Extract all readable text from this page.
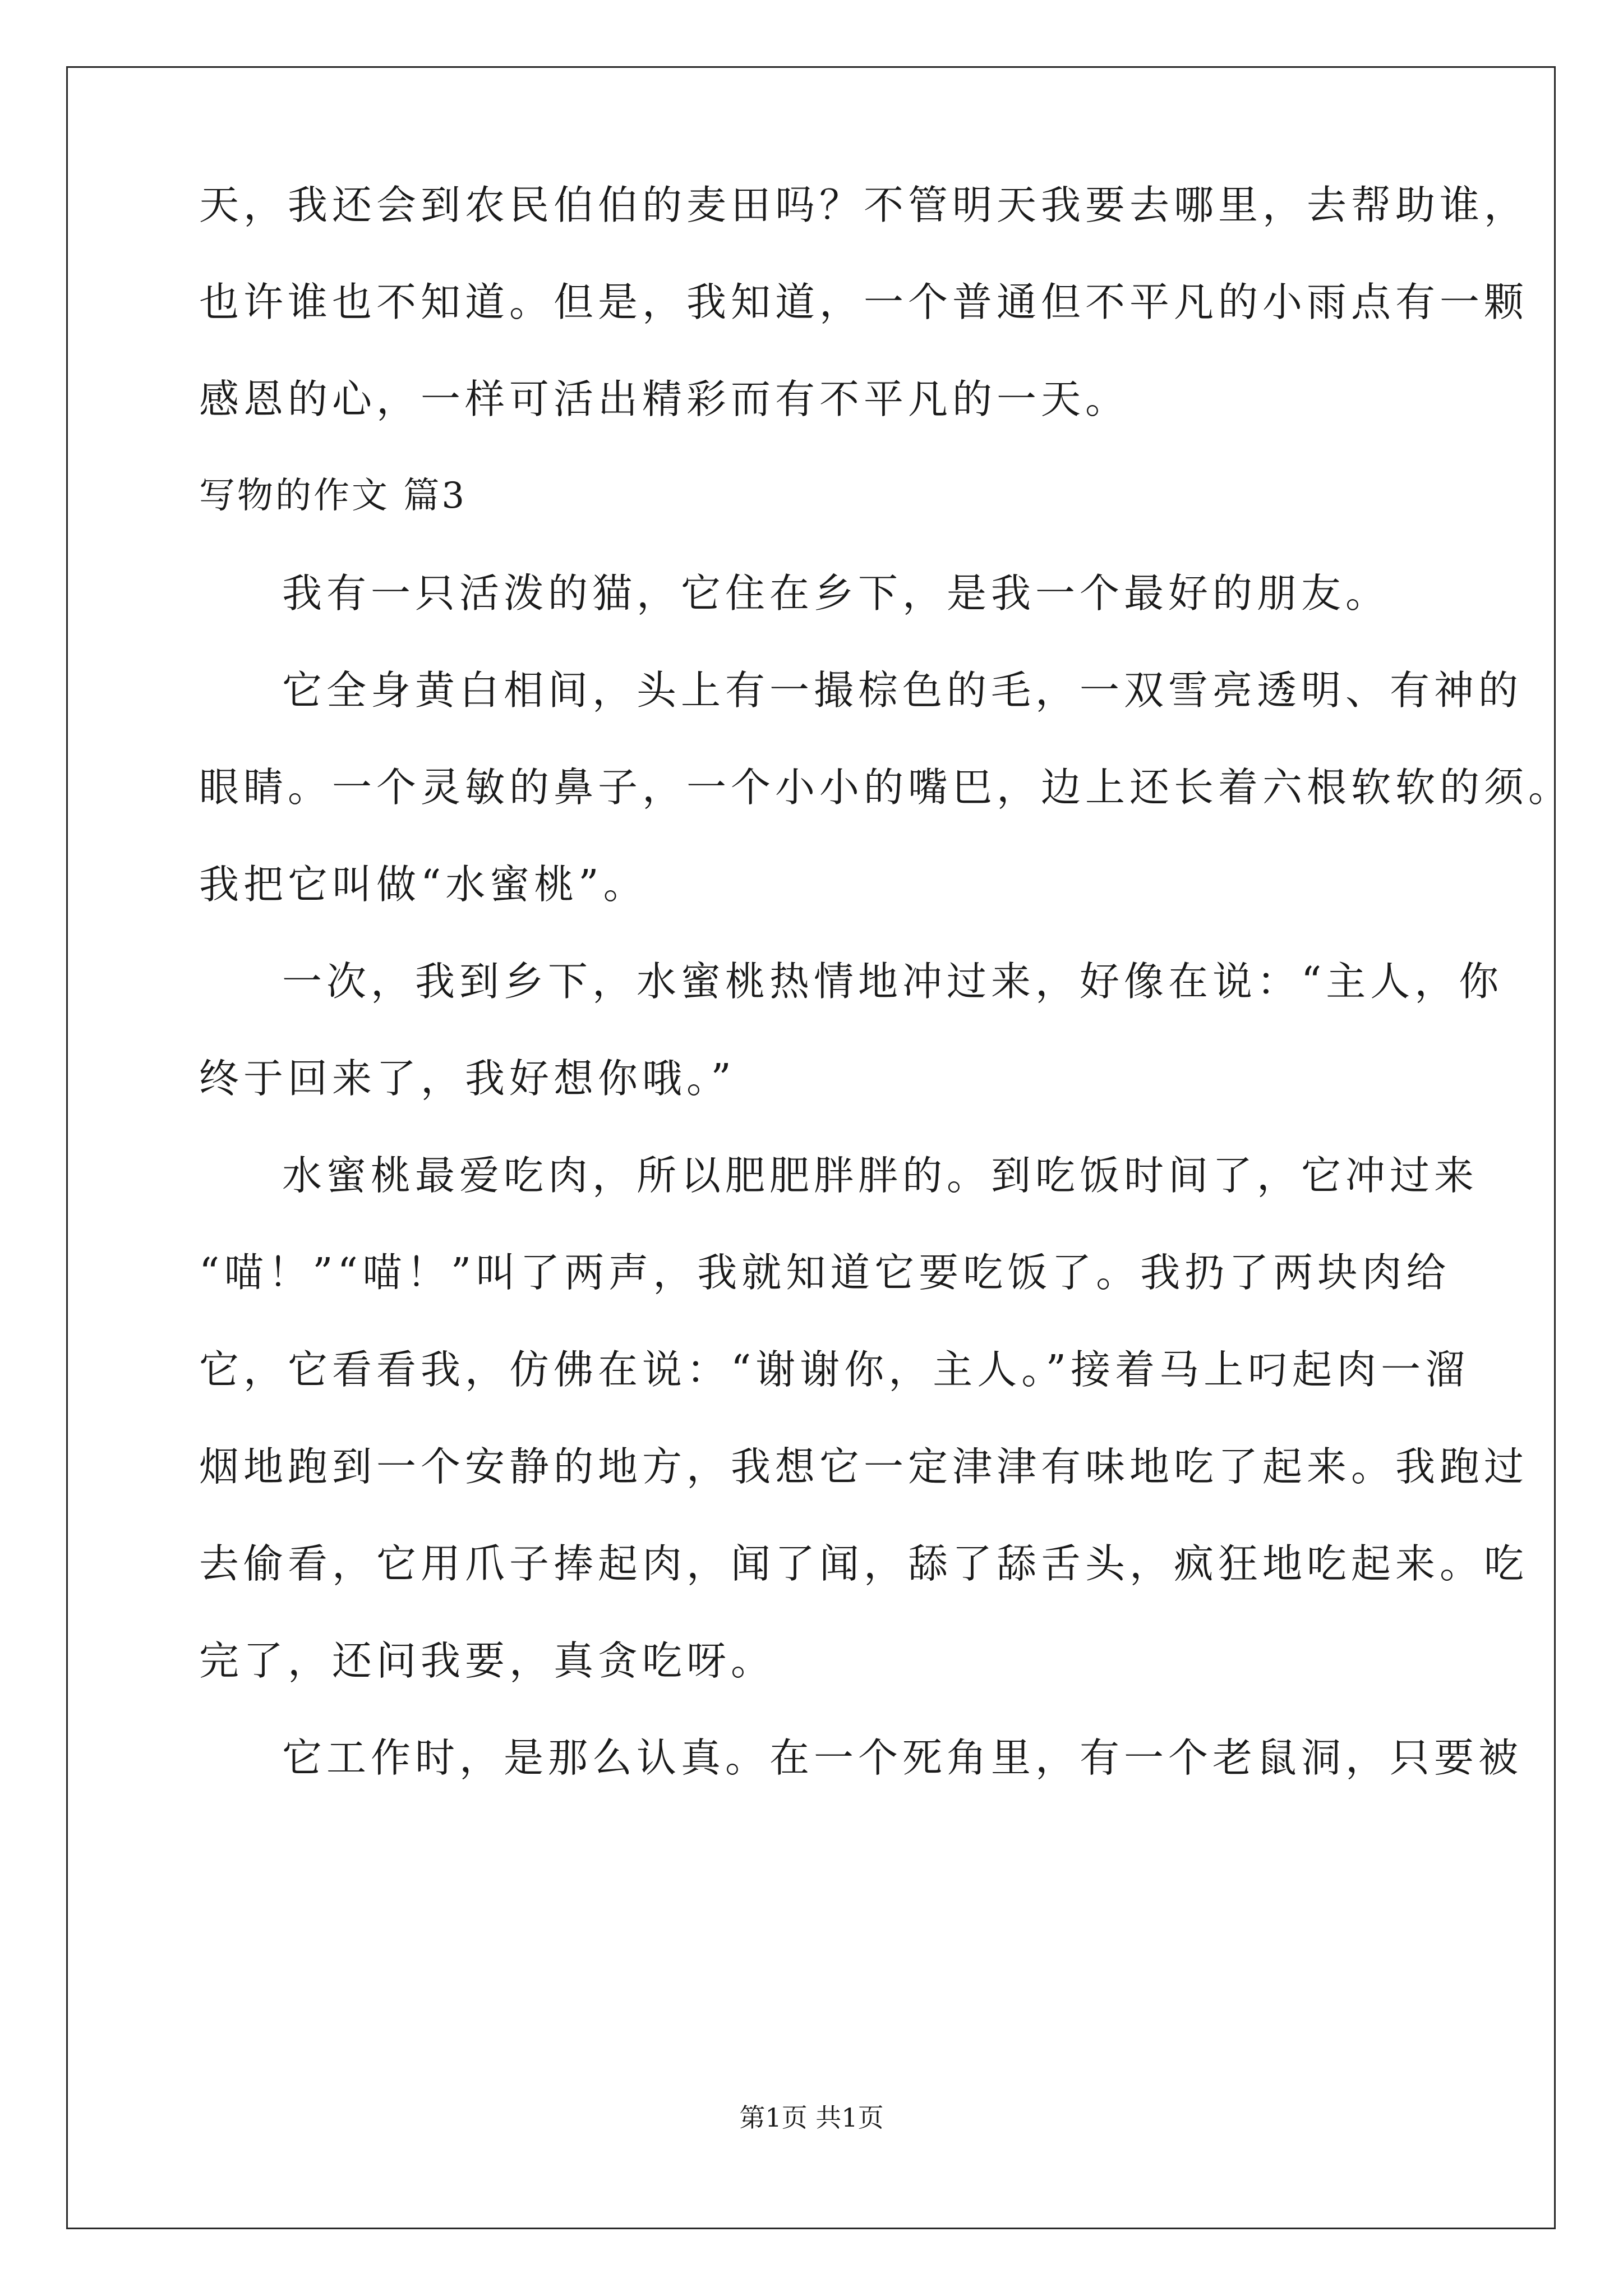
天，我还会到农民伯伯的麦田吗？不管明天我要去哪里，去帮助谁，
也许谁也不知道。但是，我知道，一个普通但不平凡的小雨点有一颗
感恩的心，一样可活出精彩而有不平凡的一天。
写物的作文 篇3
我有一只活泼的猫，它住在乡下，是我一个最好的朋友。
它全身黄白相间，头上有一撮棕色的毛，一双雪亮透明、有神的
眼睛。一个灵敏的鼻子，一个小小的嘴巴，边上还长着六根软软的须。
我把它叫做“水蜜桃”。
一次，我到乡下，水蜜桃热情地冲过来，好像在说：“主人，你
终于回来了，我好想你哦。”
水蜜桃最爱吃肉，所以肥肥胖胖的。到吃饭时间了，它冲过来
“喵！”“喵！”叫了两声，我就知道它要吃饭了。我扔了两块肉给
它，它看看我，仿佛在说：“谢谢你，主人。”接着马上叼起肉一溜
烟地跑到一个安静的地方，我想它一定津津有味地吃了起来。我跑过
去偷看，它用爪子捧起肉，闻了闻，舔了舔舌头，疯狂地吃起来。吃
完了，还问我要，真贪吃呀。
它工作时，是那么认真。在一个死角里，有一个老鼠洞，只要被
第1页 共1页
